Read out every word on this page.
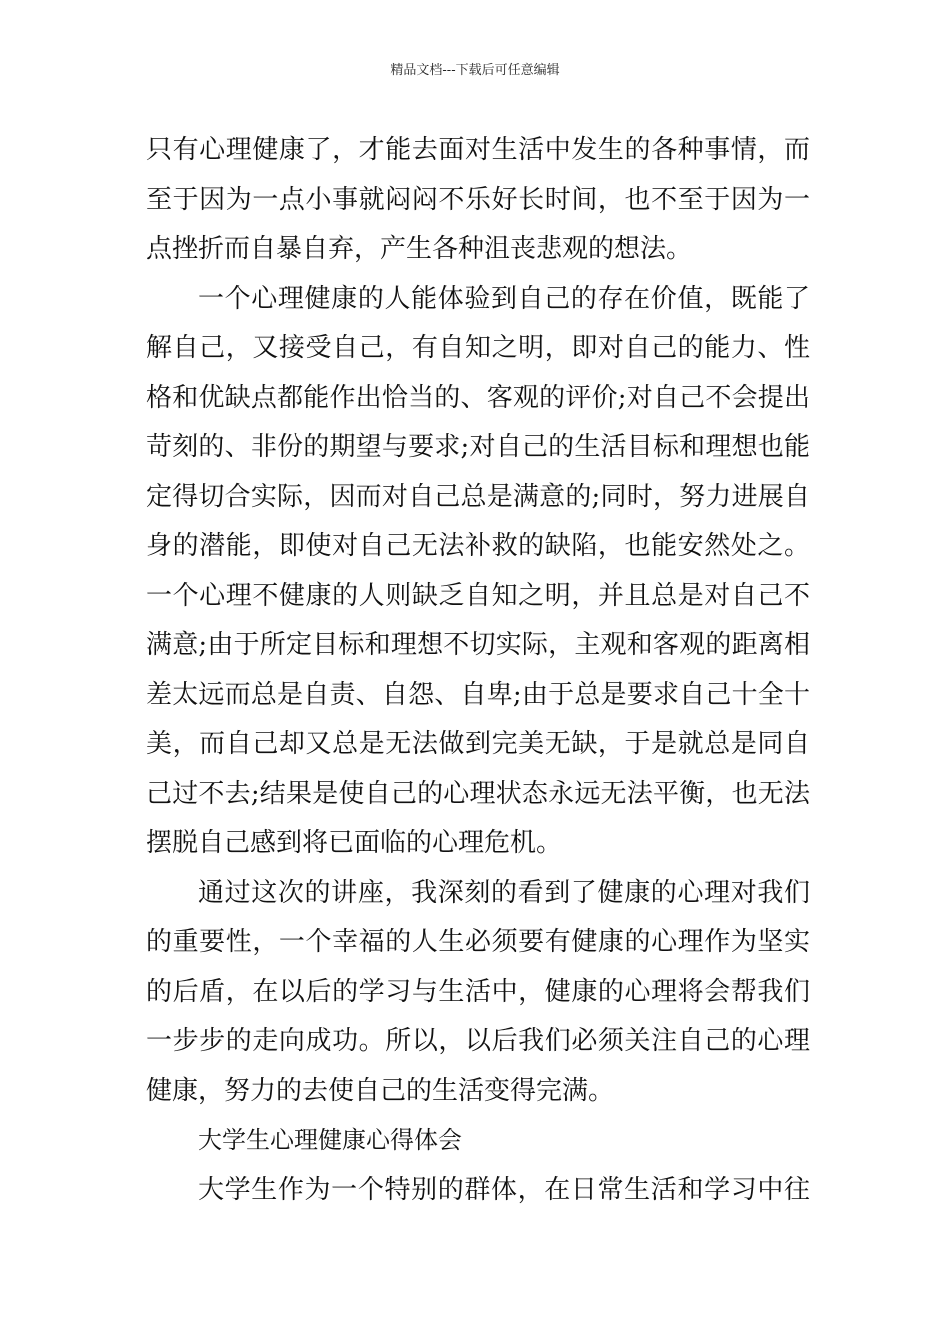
精品文档---下载后可任意编辑
只有心理健康了，才能去面对生活中发生的各种事情，而
至于因为一点小事就闷闷不乐好长时间，也不至于因为一
点挫折而自暴自弃，产生各种沮丧悲观的想法。
一个心理健康的人能体验到自己的存在价值，既能了
解自己，又接受自己，有自知之明，即对自己的能力、性
格和优缺点都能作出恰当的、客观的评价;对自己不会提出
苛刻的、非份的期望与要求;对自己的生活目标和理想也能
定得切合实际，因而对自己总是满意的;同时，努力进展自
身的潜能，即使对自己无法补救的缺陷，也能安然处之。
一个心理不健康的人则缺乏自知之明，并且总是对自己不
满意;由于所定目标和理想不切实际，主观和客观的距离相
差太远而总是自责、自怨、自卑;由于总是要求自己十全十
美，而自己却又总是无法做到完美无缺，于是就总是同自
己过不去;结果是使自己的心理状态永远无法平衡，也无法
摆脱自己感到将已面临的心理危机。
通过这次的讲座，我深刻的看到了健康的心理对我们
的重要性，一个幸福的人生必须要有健康的心理作为坚实
的后盾，在以后的学习与生活中，健康的心理将会帮我们
一步步的走向成功。所以，以后我们必须关注自己的心理
健康，努力的去使自己的生活变得完满。
大学生心理健康心得体会
大学生作为一个特别的群体，在日常生活和学习中往
